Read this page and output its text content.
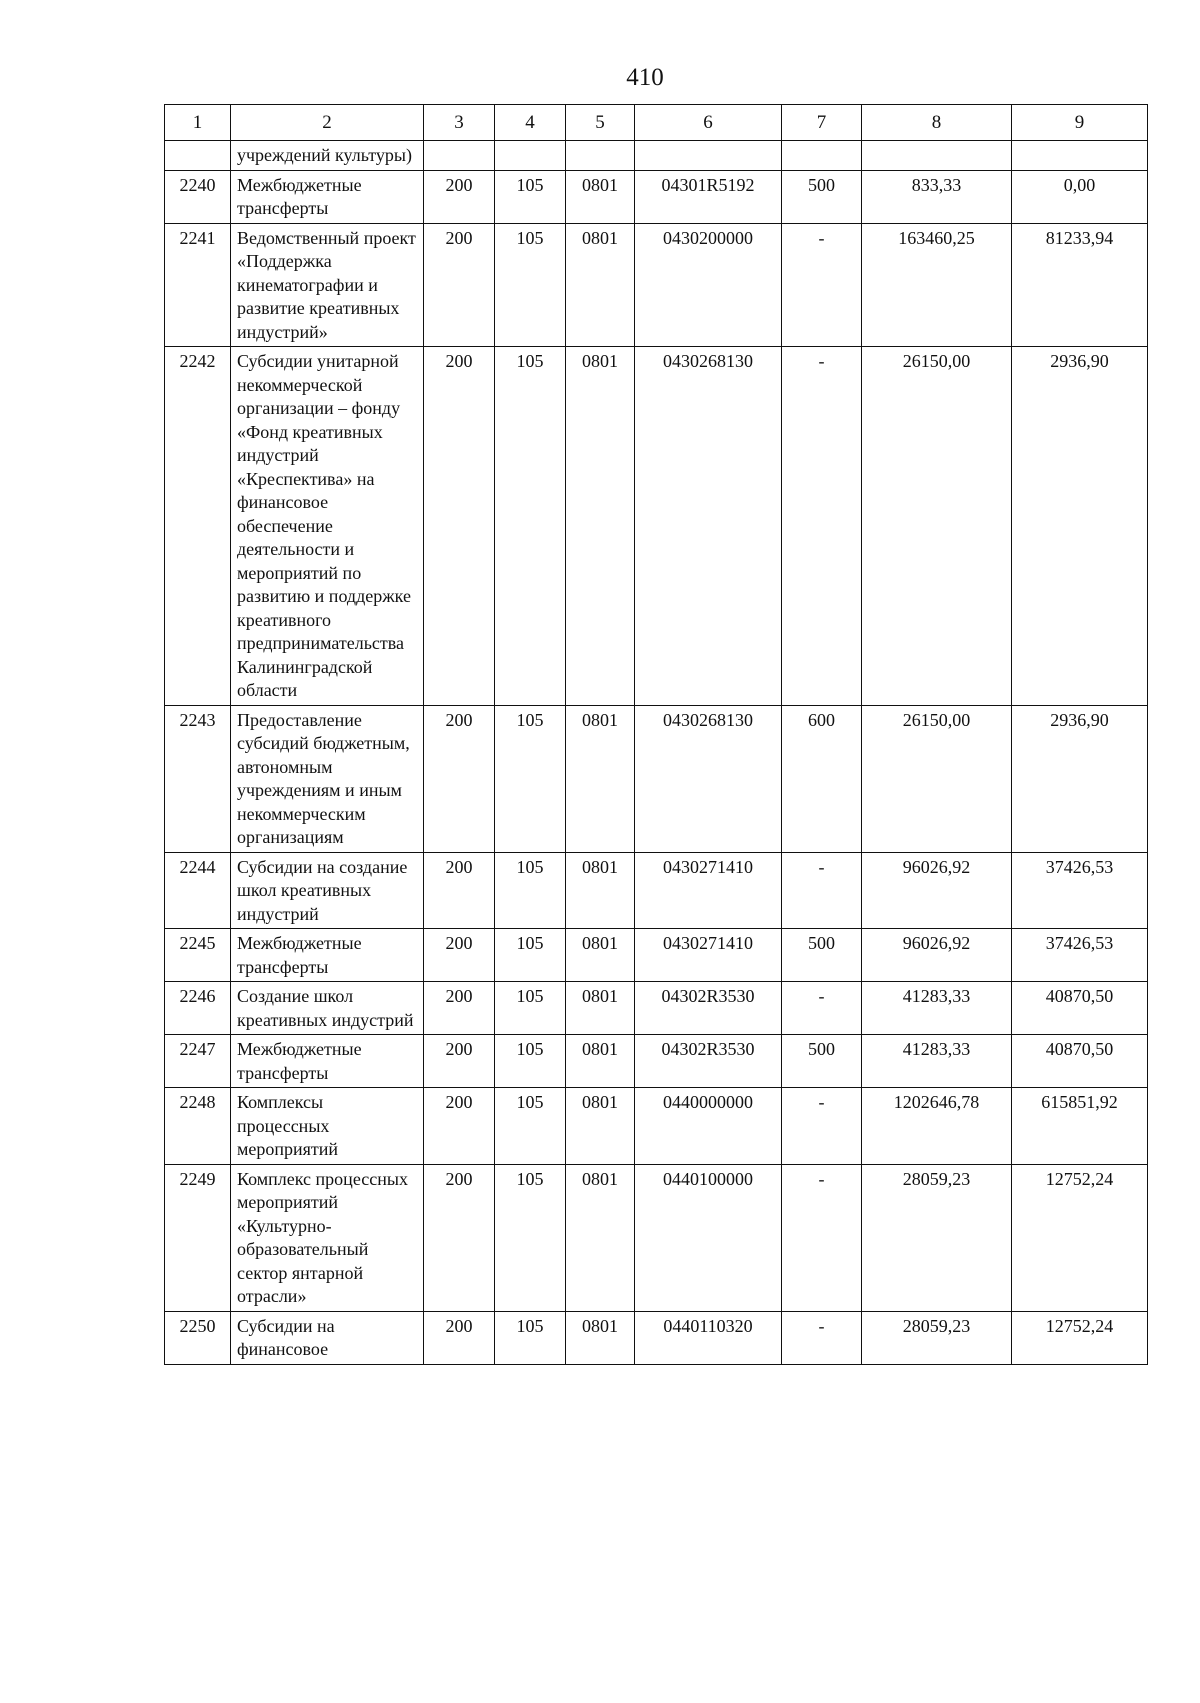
410
1	2	3	4	5	6	7	8	9
	учреждений культуры)							
2240	Межбюджетные трансферты	200	105	0801	04301R5192	500	833,33	0,00
2241	Ведомственный проект «Поддержка кинематографии и развитие креативных индустрий»	200	105	0801	0430200000	-	163460,25	81233,94
2242	Субсидии унитарной некоммерческой организации – фонду «Фонд креативных индустрий «Креспектива» на финансовое обеспечение деятельности и мероприятий по развитию и поддержке креативного предпринимательства Калининградской области	200	105	0801	0430268130	-	26150,00	2936,90
2243	Предоставление субсидий бюджетным, автономным учреждениям и иным некоммерческим организациям	200	105	0801	0430268130	600	26150,00	2936,90
2244	Субсидии на создание школ креативных индустрий	200	105	0801	0430271410	-	96026,92	37426,53
2245	Межбюджетные трансферты	200	105	0801	0430271410	500	96026,92	37426,53
2246	Создание школ креативных индустрий	200	105	0801	04302R3530	-	41283,33	40870,50
2247	Межбюджетные трансферты	200	105	0801	04302R3530	500	41283,33	40870,50
2248	Комплексы процессных мероприятий	200	105	0801	0440000000	-	1202646,78	615851,92
2249	Комплекс процессных мероприятий «Культурно-образовательный сектор янтарной отрасли»	200	105	0801	0440100000	-	28059,23	12752,24
2250	Субсидии на финансовое	200	105	0801	0440110320	-	28059,23	12752,24
